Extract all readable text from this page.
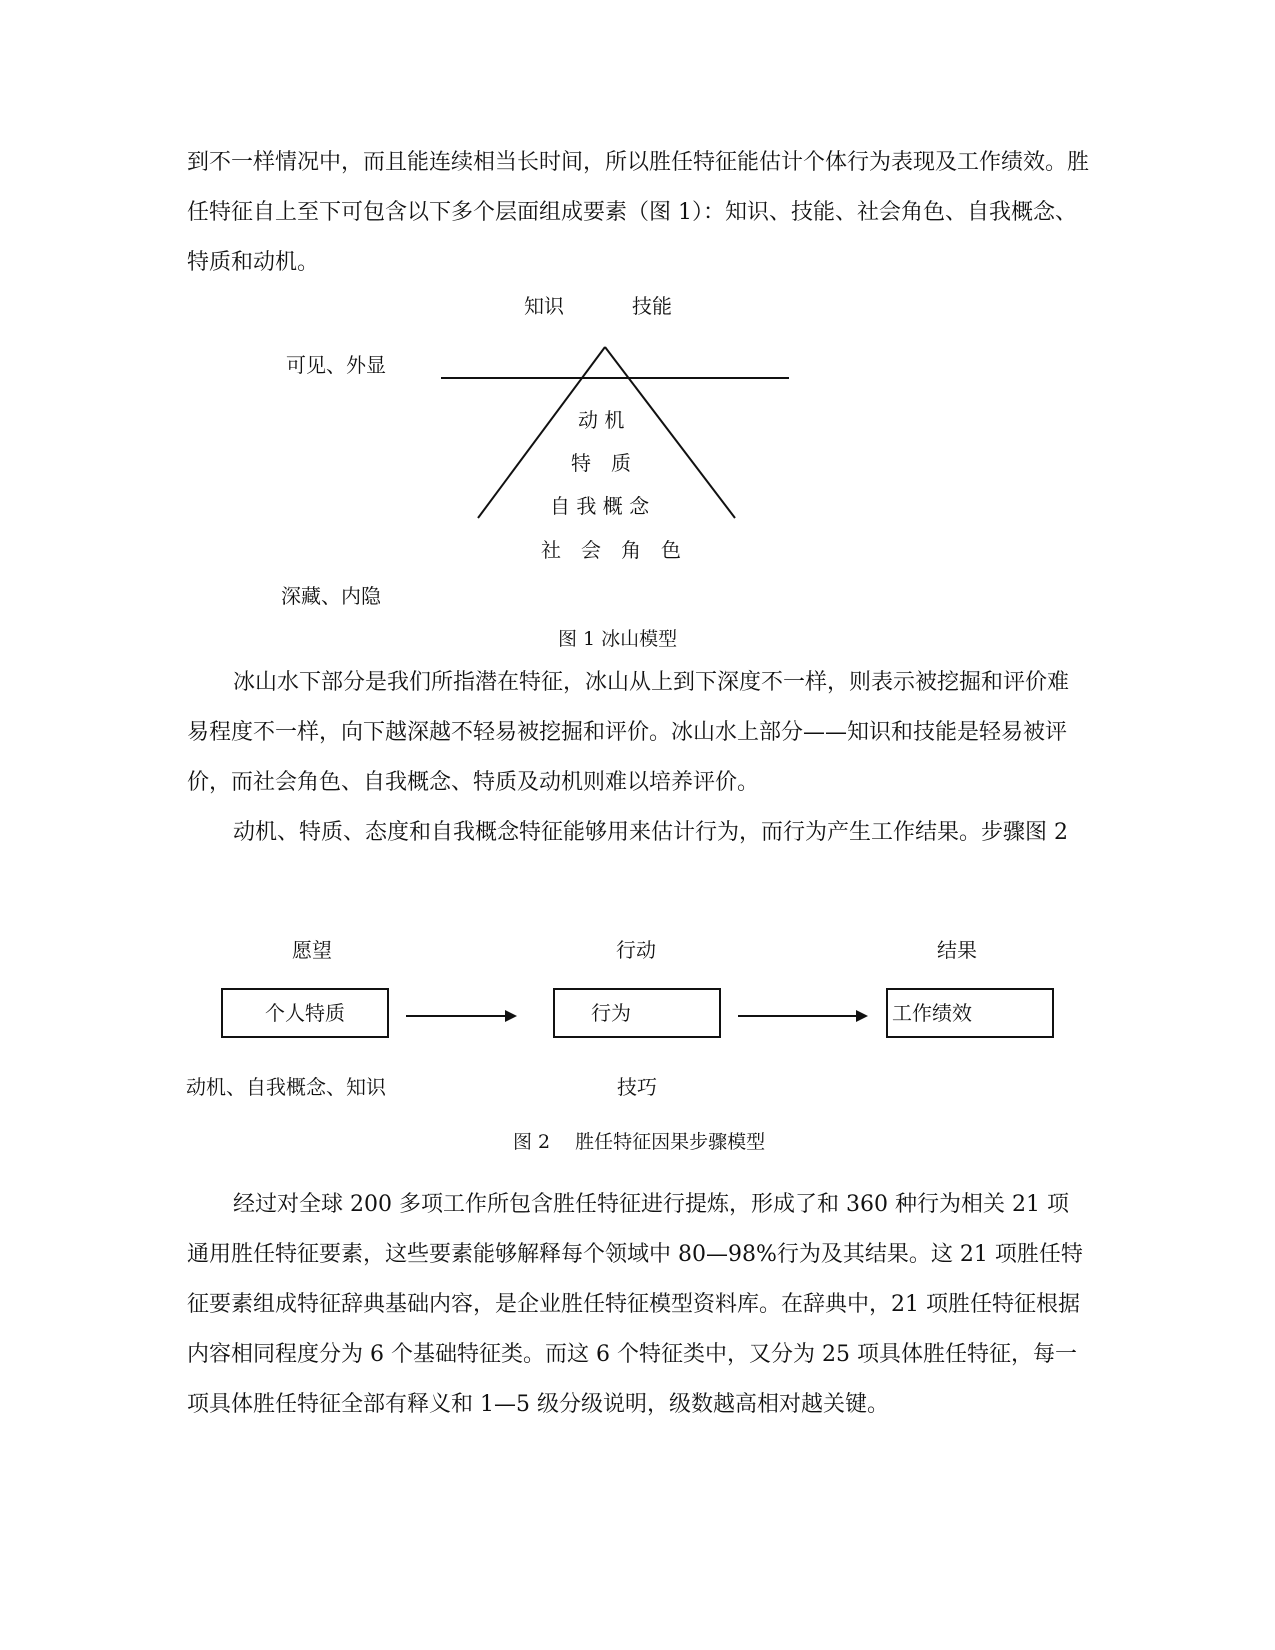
到不一样情况中，而且能连续相当长时间，所以胜任特征能估计个体行为表现及工作绩效。胜任特征自上至下可包含以下多个层面组成要素（图 1）：知识、技能、社会角色、自我概念、特质和动机。

知识	技能
可见、外显
动 机
特　质
自 我 概 念
社　会　角　色
深藏、内隐
图 1 冰山模型

冰山水下部分是我们所指潜在特征，冰山从上到下深度不一样，则表示被挖掘和评价难易程度不一样，向下越深越不轻易被挖掘和评价。冰山水上部分——知识和技能是轻易被评价，而社会角色、自我概念、特质及动机则难以培养评价。

动机、特质、态度和自我概念特征能够用来估计行为，而行为产生工作结果。步骤图 2

愿望	行动	结果
个人特质	行为	工作绩效
动机、自我概念、知识	技巧
图 2　 胜任特征因果步骤模型

经过对全球 200 多项工作所包含胜任特征进行提炼，形成了和 360 种行为相关 21 项通用胜任特征要素，这些要素能够解释每个领域中 80—98%行为及其结果。这 21 项胜任特征要素组成特征辞典基础内容，是企业胜任特征模型资料库。在辞典中，21 项胜任特征根据内容相同程度分为 6 个基础特征类。而这 6 个特征类中，又分为 25 项具体胜任特征，每一项具体胜任特征全部有释义和 1—5 级分级说明，级数越高相对越关键。
